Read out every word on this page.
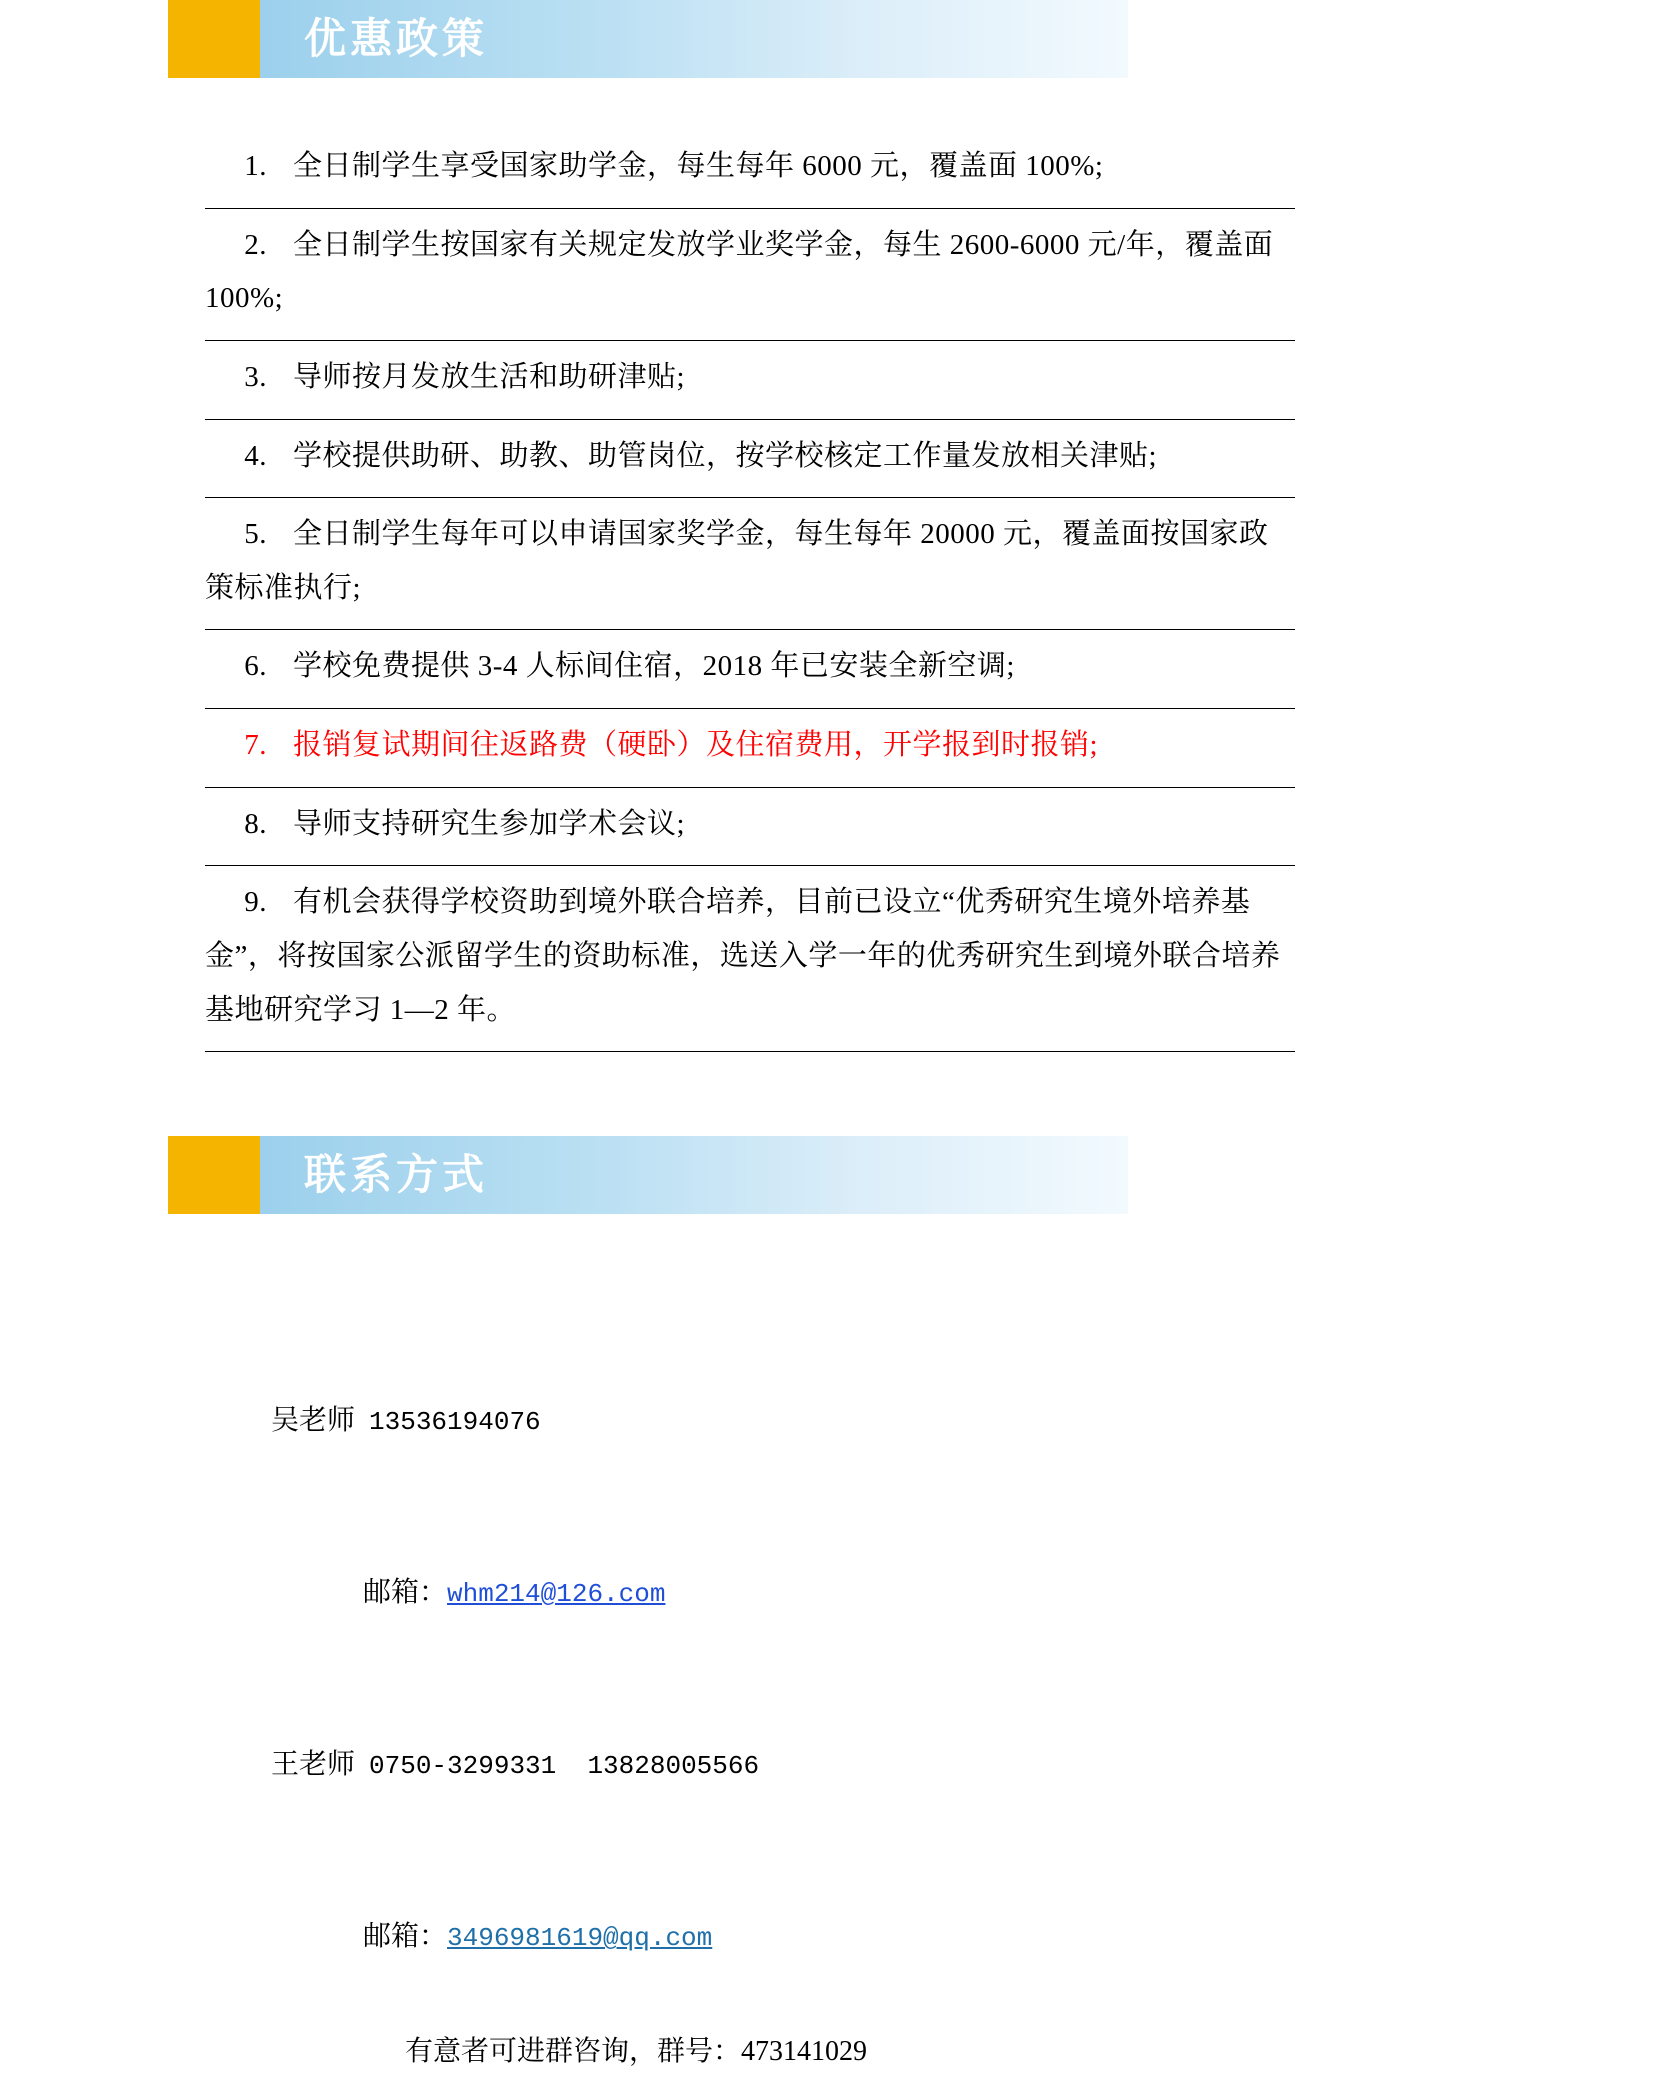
优惠政策
1. 全日制学生享受国家助学金，每生每年 6000 元，覆盖面 100%;
2. 全日制学生按国家有关规定发放学业奖学金，每生 2600-6000 元/年，覆盖面 100%;
3. 导师按月发放生活和助研津贴;
4. 学校提供助研、助教、助管岗位，按学校核定工作量发放相关津贴;
5. 全日制学生每年可以申请国家奖学金，每生每年 20000 元，覆盖面按国家政策标准执行;
6. 学校免费提供 3-4 人标间住宿，2018 年已安装全新空调;
7. 报销复试期间往返路费（硬卧）及住宿费用，开学报到时报销;
8. 导师支持研究生参加学术会议;
9. 有机会获得学校资助到境外联合培养，目前已设立“优秀研究生境外培养基金”，将按国家公派留学生的资助标准，选送入学一年的优秀研究生到境外联合培养基地研究学习 1—2 年。
联系方式

吴老师 13536194076

邮箱：whm214@126.com

王老师 0750-3299331  13828005566

邮箱：3496981619@qq.com

有意者可进群咨询，群号：473141029
